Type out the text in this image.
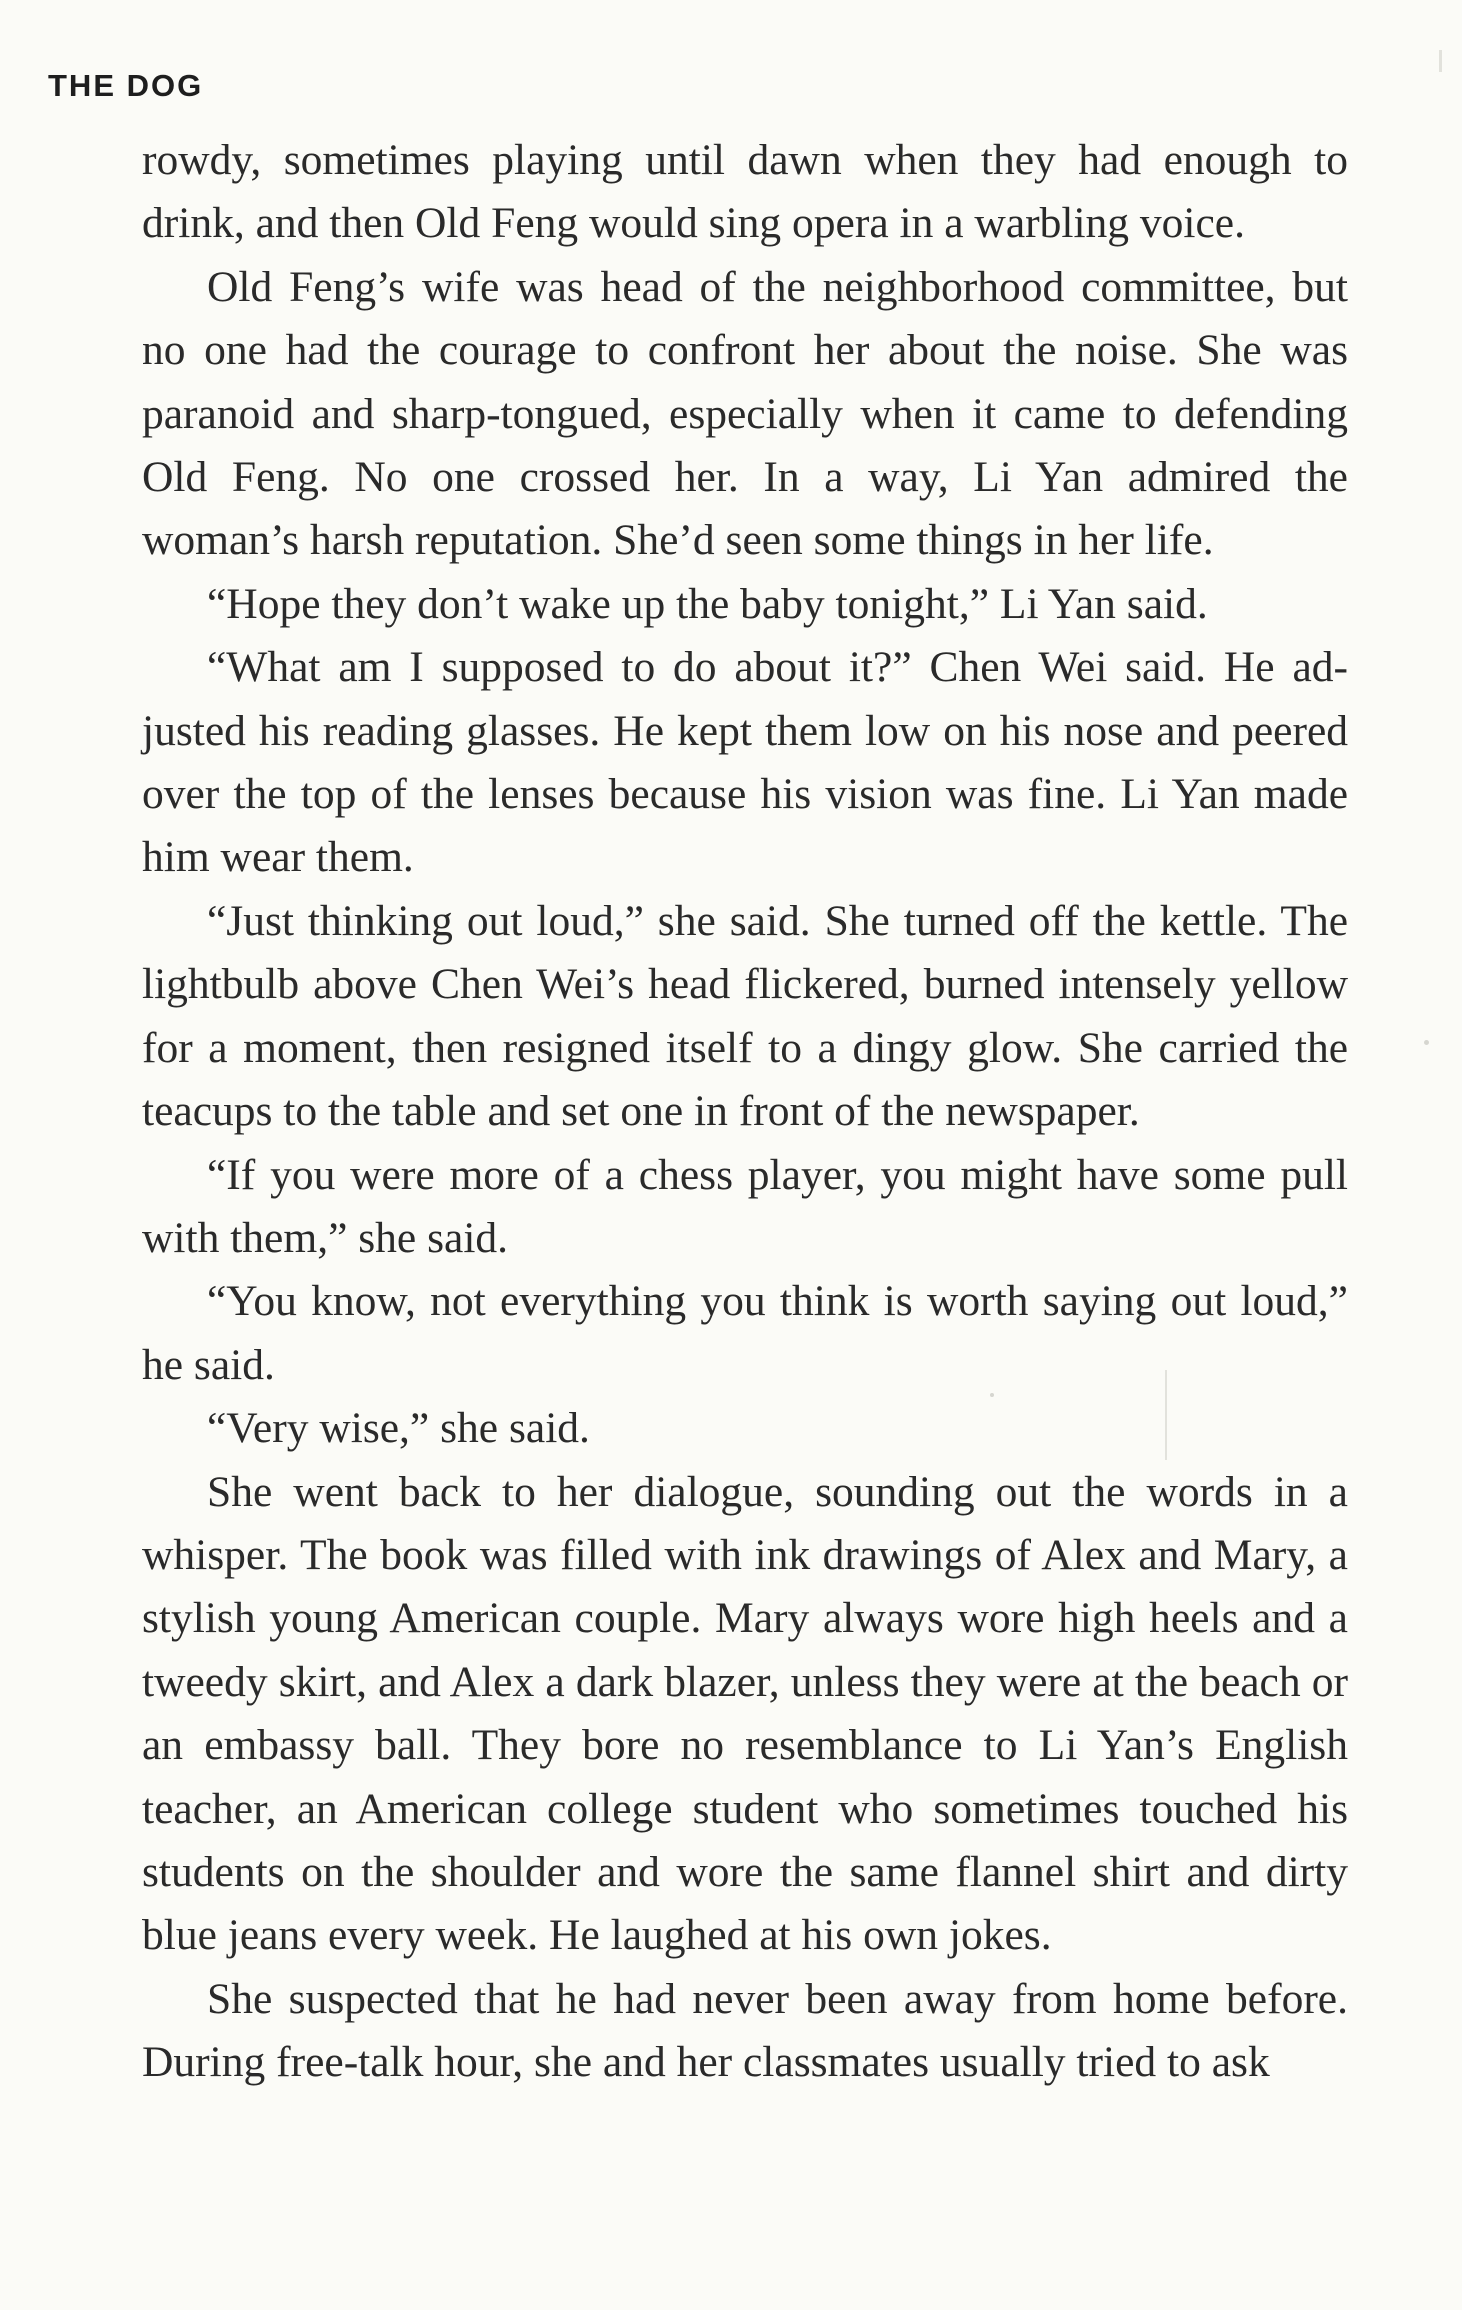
THE DOG

rowdy, sometimes playing until dawn when they had enough to drink, and then Old Feng would sing opera in a warbling voice.

Old Feng’s wife was head of the neighborhood committee, but no one had the courage to confront her about the noise. She was paranoid and sharp-tongued, especially when it came to defending Old Feng. No one crossed her. In a way, Li Yan admired the woman’s harsh reputation. She’d seen some things in her life.

“Hope they don’t wake up the baby tonight,” Li Yan said.

“What am I supposed to do about it?” Chen Wei said. He adjusted his reading glasses. He kept them low on his nose and peered over the top of the lenses because his vision was fine. Li Yan made him wear them.

“Just thinking out loud,” she said. She turned off the kettle. The lightbulb above Chen Wei’s head flickered, burned intensely yellow for a moment, then resigned itself to a dingy glow. She carried the teacups to the table and set one in front of the newspaper.

“If you were more of a chess player, you might have some pull with them,” she said.

“You know, not everything you think is worth saying out loud,” he said.

“Very wise,” she said.

She went back to her dialogue, sounding out the words in a whisper. The book was filled with ink drawings of Alex and Mary, a stylish young American couple. Mary always wore high heels and a tweedy skirt, and Alex a dark blazer, unless they were at the beach or an embassy ball. They bore no resemblance to Li Yan’s English teacher, an American college student who sometimes touched his students on the shoulder and wore the same flannel shirt and dirty blue jeans every week. He laughed at his own jokes.

She suspected that he had never been away from home before. During free-talk hour, she and her classmates usually tried to ask
